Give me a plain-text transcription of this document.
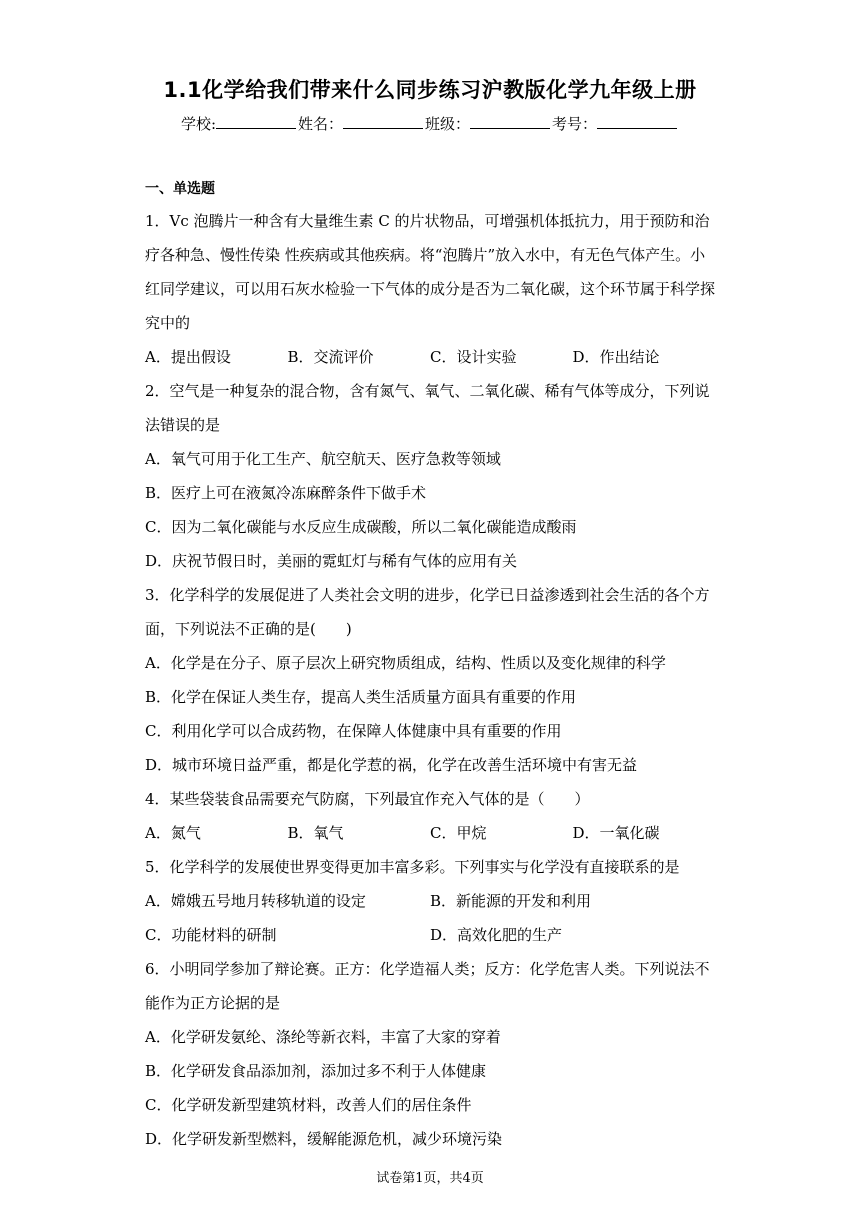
1.1化学给我们带来什么同步练习沪教版化学九年级上册
学校:	姓名：	班级：	考号：
一、单选题
1．Vc 泡腾片一种含有大量维生素 C 的片状物品，可增强机体抵抗力，用于预防和治
疗各种急、慢性传染 性疾病或其他疾病。将“泡腾片”放入水中，有无色气体产生。小
红同学建议，可以用石灰水检验一下气体的成分是否为二氧化碳，这个环节属于科学探
究中的
A．提出假设	B．交流评价	C．设计实验	D．作出结论
2．空气是一种复杂的混合物，含有氮气、氧气、二氧化碳、稀有气体等成分，下列说
法错误的是
A．氧气可用于化工生产、航空航天、医疗急救等领域
B．医疗上可在液氮冷冻麻醉条件下做手术
C．因为二氧化碳能与水反应生成碳酸，所以二氧化碳能造成酸雨
D．庆祝节假日时，美丽的霓虹灯与稀有气体的应用有关
3．化学科学的发展促进了人类社会文明的进步，化学已日益渗透到社会生活的各个方
面，下列说法不正确的是(　　)
A．化学是在分子、原子层次上研究物质组成，结构、性质以及变化规律的科学
B．化学在保证人类生存，提高人类生活质量方面具有重要的作用
C．利用化学可以合成药物，在保障人体健康中具有重要的作用
D．城市环境日益严重，都是化学惹的祸，化学在改善生活环境中有害无益
4．某些袋装食品需要充气防腐，下列最宜作充入气体的是（　　）
A．氮气	B．氧气	C．甲烷	D．一氧化碳
5．化学科学的发展使世界变得更加丰富多彩。下列事实与化学没有直接联系的是
A．嫦娥五号地月转移轨道的设定	B．新能源的开发和利用
C．功能材料的研制	D．高效化肥的生产
6．小明同学参加了辩论赛。正方：化学造福人类；反方：化学危害人类。下列说法不
能作为正方论据的是
A．化学研发氨纶、涤纶等新衣料，丰富了大家的穿着
B．化学研发食品添加剂，添加过多不利于人体健康
C．化学研发新型建筑材料，改善人们的居住条件
D．化学研发新型燃料，缓解能源危机，减少环境污染
试卷第1页，共4页
